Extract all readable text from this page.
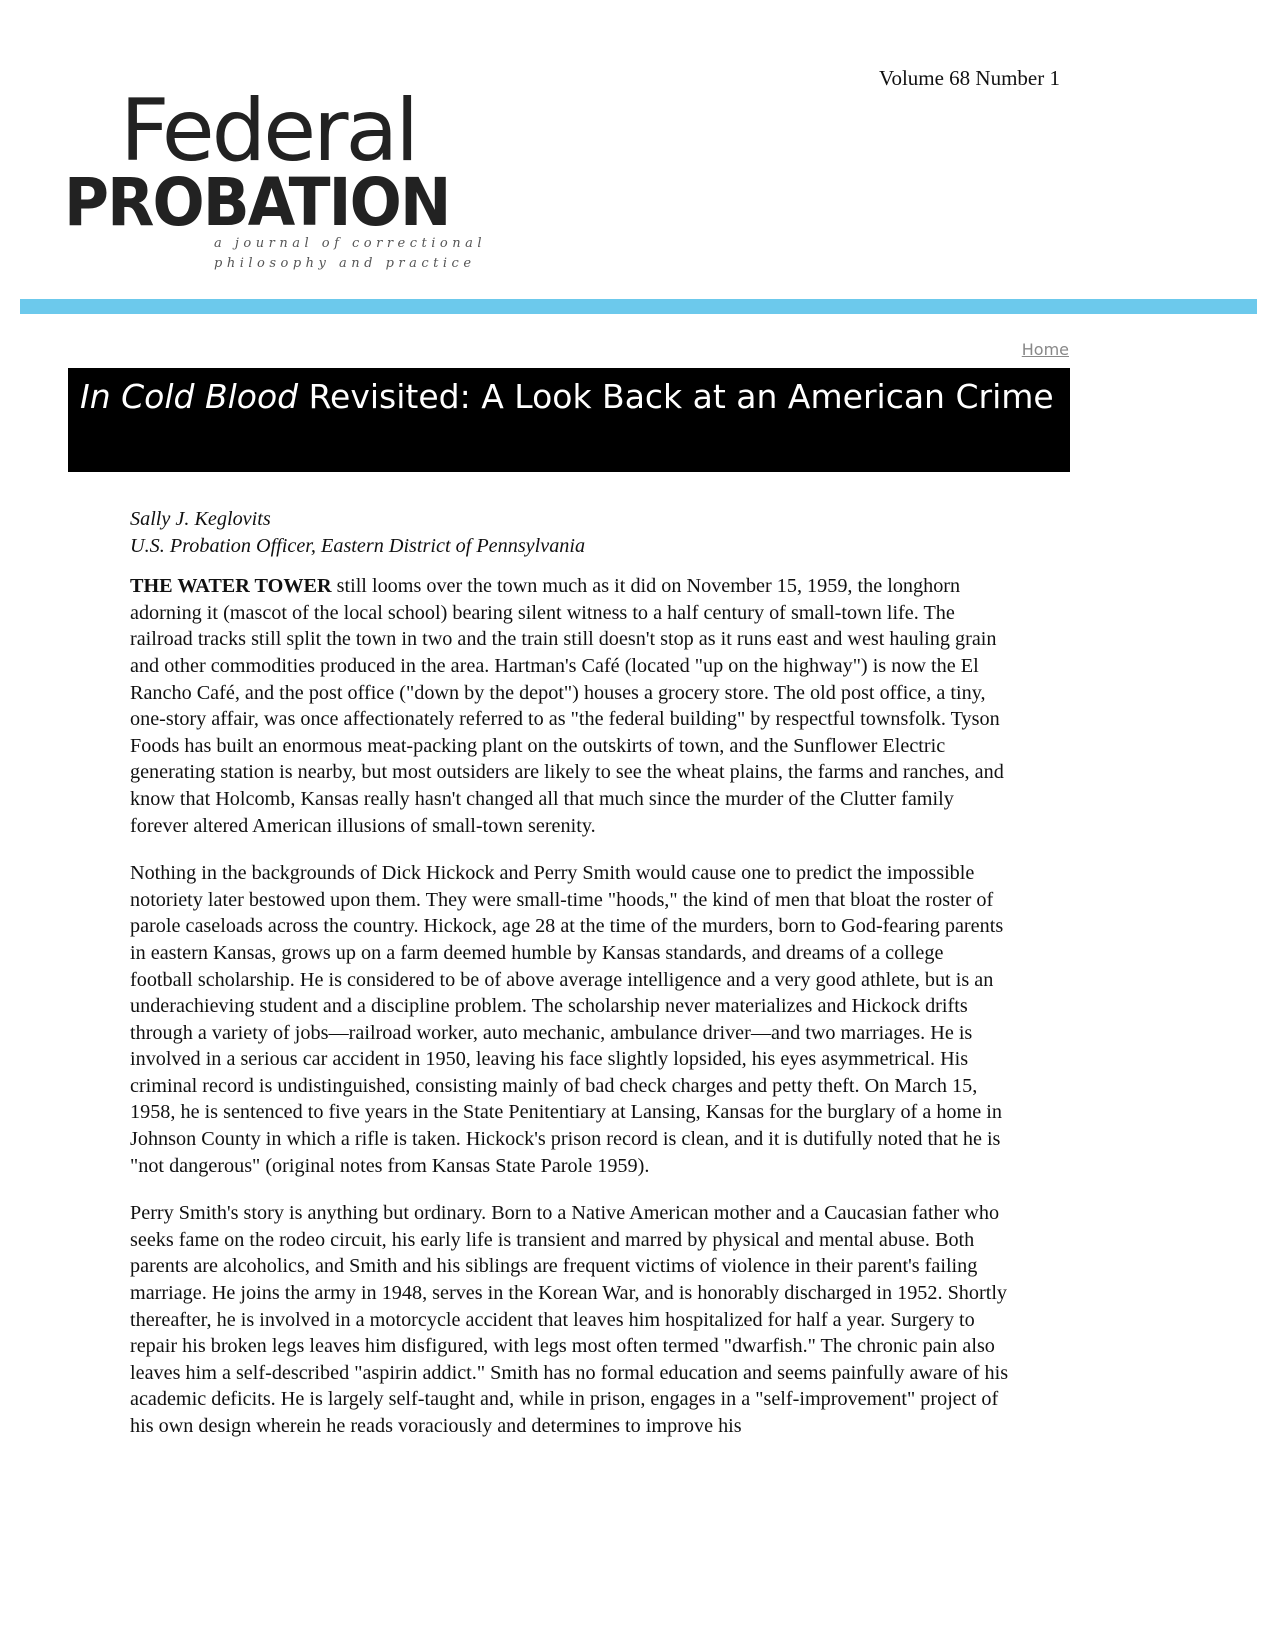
Volume 68 Number 1
Federal
PROBATION
a journal of correctional
philosophy and practice
Home
In Cold Blood Revisited: A Look Back at an American Crime
Sally J. Keglovits
U.S. Probation Officer, Eastern District of Pennsylvania

THE WATER TOWER still looms over the town much as it did on November 15, 1959, the longhorn adorning it (mascot of the local school) bearing silent witness to a half century of small-town life. The railroad tracks still split the town in two and the train still doesn't stop as it runs east and west hauling grain and other commodities produced in the area. Hartman's Café (located "up on the highway") is now the El Rancho Café, and the post office ("down by the depot") houses a grocery store. The old post office, a tiny, one-story affair, was once affectionately referred to as "the federal building" by respectful townsfolk. Tyson Foods has built an enormous meat-packing plant on the outskirts of town, and the Sunflower Electric generating station is nearby, but most outsiders are likely to see the wheat plains, the farms and ranches, and know that Holcomb, Kansas really hasn't changed all that much since the murder of the Clutter family forever altered American illusions of small-town serenity.

Nothing in the backgrounds of Dick Hickock and Perry Smith would cause one to predict the impossible notoriety later bestowed upon them. They were small-time "hoods," the kind of men that bloat the roster of parole caseloads across the country. Hickock, age 28 at the time of the murders, born to God-fearing parents in eastern Kansas, grows up on a farm deemed humble by Kansas standards, and dreams of a college football scholarship. He is considered to be of above average intelligence and a very good athlete, but is an underachieving student and a discipline problem. The scholarship never materializes and Hickock drifts through a variety of jobs—railroad worker, auto mechanic, ambulance driver—and two marriages. He is involved in a serious car accident in 1950, leaving his face slightly lopsided, his eyes asymmetrical. His criminal record is undistinguished, consisting mainly of bad check charges and petty theft. On March 15, 1958, he is sentenced to five years in the State Penitentiary at Lansing, Kansas for the burglary of a home in Johnson County in which a rifle is taken. Hickock's prison record is clean, and it is dutifully noted that he is "not dangerous" (original notes from Kansas State Parole 1959).

Perry Smith's story is anything but ordinary. Born to a Native American mother and a Caucasian father who seeks fame on the rodeo circuit, his early life is transient and marred by physical and mental abuse. Both parents are alcoholics, and Smith and his siblings are frequent victims of violence in their parent's failing marriage. He joins the army in 1948, serves in the Korean War, and is honorably discharged in 1952. Shortly thereafter, he is involved in a motorcycle accident that leaves him hospitalized for half a year. Surgery to repair his broken legs leaves him disfigured, with legs most often termed "dwarfish." The chronic pain also leaves him a self-described "aspirin addict." Smith has no formal education and seems painfully aware of his academic deficits. He is largely self-taught and, while in prison, engages in a "self-improvement" project of his own design wherein he reads voraciously and determines to improve his
